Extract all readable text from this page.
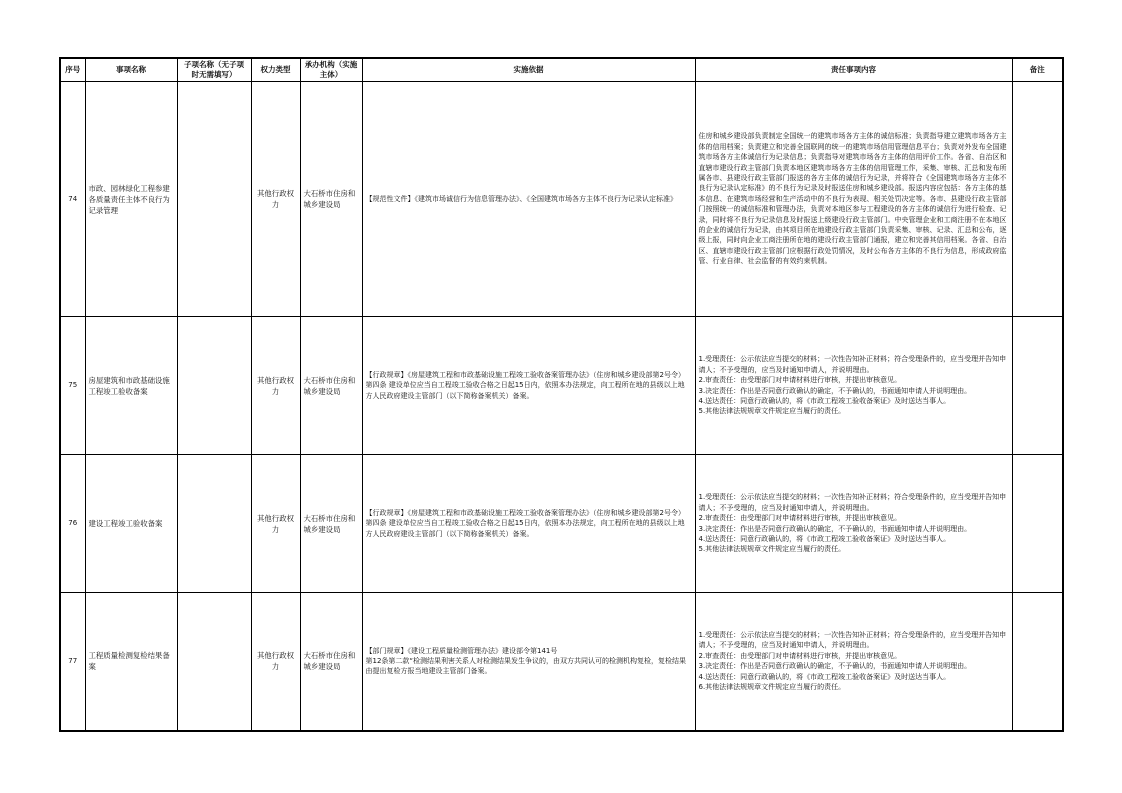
序号	事项名称	子项名称（无子项时无需填写）	权力类型	承办机构（实施主体）	实施依据	责任事项内容	备注
74	市政、园林绿化工程参建各质量责任主体不良行为记录管理		其他行政权力	大石桥市住房和城乡建设局	【规范性文件】《建筑市场诚信行为信息管理办法》、《全国建筑市场各方主体不良行为记录认定标准》	住房和城乡建设部负责制定全国统一的建筑市场各方主体的诚信标准；负责指导建立建筑市场各方主体的信用档案；负责建立和完善全国联网的统一的建筑市场信用管理信息平台；负责对外发布全国建筑市场各方主体诚信行为记录信息；负责指导对建筑市场各方主体的信用评价工作。各省、自治区和直辖市建设行政主管部门负责本地区建筑市场各方主体的信用管理工作，采集、审核、汇总和发布所属各市、县建设行政主管部门报送的各方主体的诚信行为记录，并将符合《全国建筑市场各方主体不良行为记录认定标准》的不良行为记录及时报送住房和城乡建设部。报送内容应包括：各方主体的基本信息、在建筑市场经营和生产活动中的不良行为表现、相关处罚决定等。各市、县建设行政主管部门按照统一的诚信标准和管理办法，负责对本地区参与工程建设的各方主体的诚信行为进行检查、记录，同时将不良行为记录信息及时报送上级建设行政主管部门。中央管理企业和工商注册不在本地区的企业的诚信行为记录，由其项目所在地建设行政主管部门负责采集、审核、记录、汇总和公布，逐级上报，同时向企业工商注册所在地的建设行政主管部门通报，建立和完善其信用档案。各省、自治区、直辖市建设行政主管部门应根据行政处罚情况，及时公布各方主体的不良行为信息，形成政府监管、行业自律、社会监督的有效约束机制。	
75	房屋建筑和市政基础设施工程竣工验收备案		其他行政权力	大石桥市住房和城乡建设局	【行政规章】《房屋建筑工程和市政基础设施工程竣工验收备案管理办法》（住房和城乡建设部第2号令） 第四条 建设单位应当自工程竣工验收合格之日起15日内，依照本办法规定，向工程所在地的县级以上地方人民政府建设主管部门（以下简称备案机关）备案。	1.受理责任：公示依法应当提交的材料；一次性告知补正材料；符合受理条件的，应当受理并告知申请人；不予受理的，应当及时通知申请人，并说明理由。
2.审查责任：由受理部门对申请材料进行审核，并提出审核意见。
3.决定责任：作出是否同意行政确认的确定，不予确认的，书面通知申请人并说明理由。
4.送达责任：同意行政确认的，将《市政工程竣工验收备案证》及时送达当事人。
5.其他法律法规规章文件规定应当履行的责任。	

76	建设工程竣工验收备案		其他行政权力	大石桥市住房和城乡建设局	【行政规章】《房屋建筑工程和市政基础设施工程竣工验收备案管理办法》（住房和城乡建设部第2号令） 第四条 建设单位应当自工程竣工验收合格之日起15日内，依照本办法规定，向工程所在地的县级以上地方人民政府建设主管部门（以下简称备案机关）备案。	1.受理责任：公示依法应当提交的材料；一次性告知补正材料；符合受理条件的，应当受理并告知申请人；不予受理的，应当及时通知申请人，并说明理由。
2.审查责任：由受理部门对申请材料进行审核，并提出审核意见。
3.决定责任：作出是否同意行政确认的确定，不予确认的，书面通知申请人并说明理由。
4.送达责任：同意行政确认的，将《市政工程竣工验收备案证》及时送达当事人。
5.其他法律法规规章文件规定应当履行的责任。	

77	工程质量检测复检结果备案		其他行政权力	大石桥市住房和城乡建设局	【部门规章】《建设工程质量检测管理办法》建设部令第141号
第12条第二款“检测结果利害关系人对检测结果发生争议的，由双方共同认可的检测机构复检，复检结果由提出复检方报当地建设主管部门备案。	1.受理责任：公示依法应当提交的材料；一次性告知补正材料；符合受理条件的，应当受理并告知申请人；不予受理的，应当及时通知申请人，并说明理由。
2.审查责任：由受理部门对申请材料进行审核，并提出审核意见。
3.决定责任：作出是否同意行政确认的确定，不予确认的，书面通知申请人并说明理由。
4.送达责任：同意行政确认的，将《市政工程竣工验收备案证》及时送达当事人。
6.其他法律法规规章文件规定应当履行的责任。	
